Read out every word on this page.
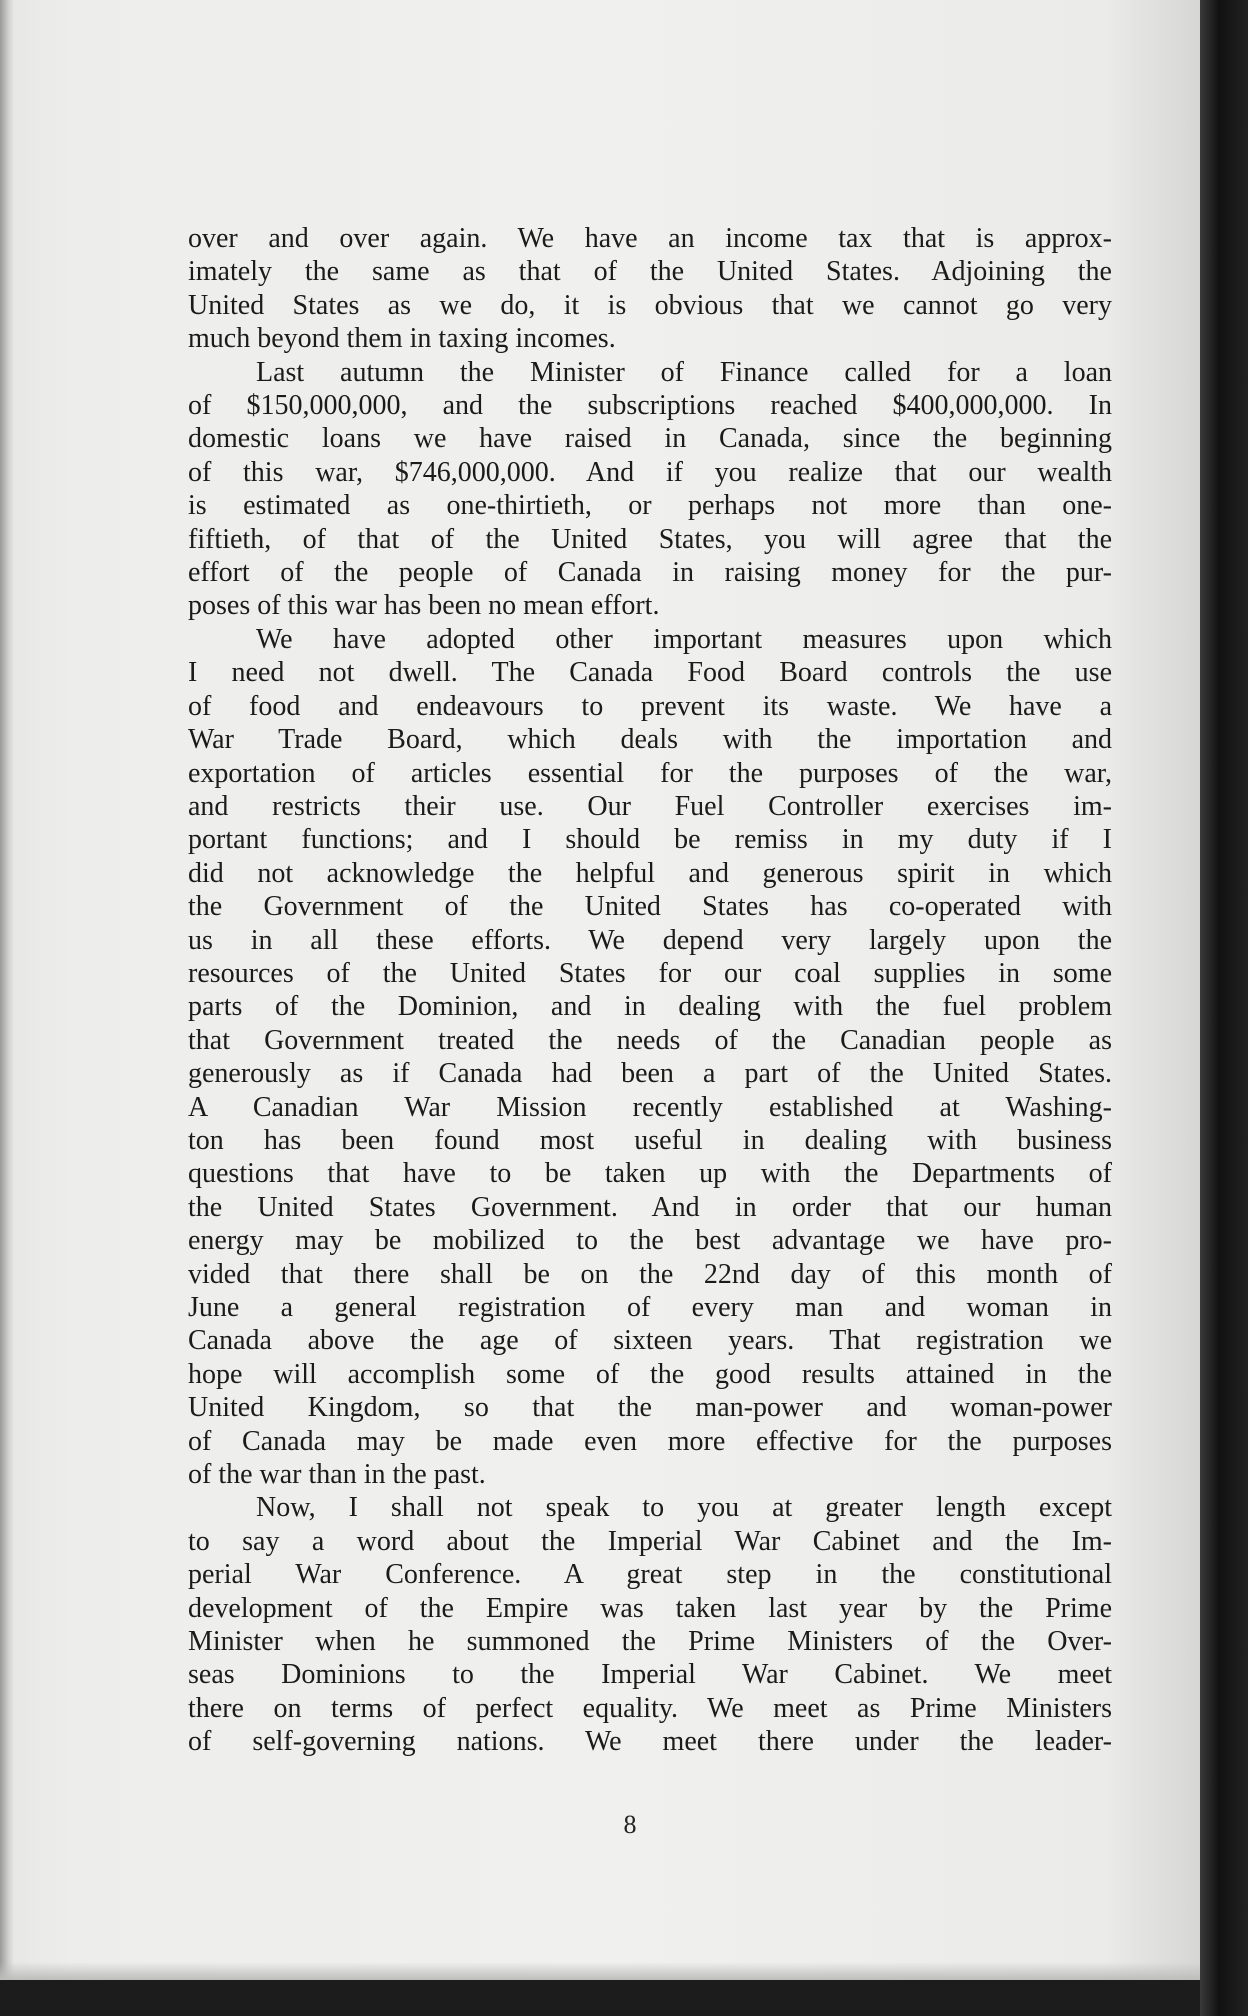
over and over again. We have an income tax that is approx-
imately the same as that of the United States. Adjoining the
United States as we do, it is obvious that we cannot go very
much beyond them in taxing incomes.
Last autumn the Minister of Finance called for a loan
of $150,000,000, and the subscriptions reached $400,000,000. In
domestic loans we have raised in Canada, since the beginning
of this war, $746,000,000. And if you realize that our wealth
is estimated as one-thirtieth, or perhaps not more than one-
fiftieth, of that of the United States, you will agree that the
effort of the people of Canada in raising money for the pur-
poses of this war has been no mean effort.
We have adopted other important measures upon which
I need not dwell. The Canada Food Board controls the use
of food and endeavours to prevent its waste. We have a
War Trade Board, which deals with the importation and
exportation of articles essential for the purposes of the war,
and restricts their use. Our Fuel Controller exercises im-
portant functions; and I should be remiss in my duty if I
did not acknowledge the helpful and generous spirit in which
the Government of the United States has co-operated with
us in all these efforts. We depend very largely upon the
resources of the United States for our coal supplies in some
parts of the Dominion, and in dealing with the fuel problem
that Government treated the needs of the Canadian people as
generously as if Canada had been a part of the United States.
A Canadian War Mission recently established at Washing-
ton has been found most useful in dealing with business
questions that have to be taken up with the Departments of
the United States Government. And in order that our human
energy may be mobilized to the best advantage we have pro-
vided that there shall be on the 22nd day of this month of
June a general registration of every man and woman in
Canada above the age of sixteen years. That registration we
hope will accomplish some of the good results attained in the
United Kingdom, so that the man-power and woman-power
of Canada may be made even more effective for the purposes
of the war than in the past.
Now, I shall not speak to you at greater length except
to say a word about the Imperial War Cabinet and the Im-
perial War Conference. A great step in the constitutional
development of the Empire was taken last year by the Prime
Minister when he summoned the Prime Ministers of the Over-
seas Dominions to the Imperial War Cabinet. We meet
there on terms of perfect equality. We meet as Prime Ministers
of self-governing nations. We meet there under the leader-
8
